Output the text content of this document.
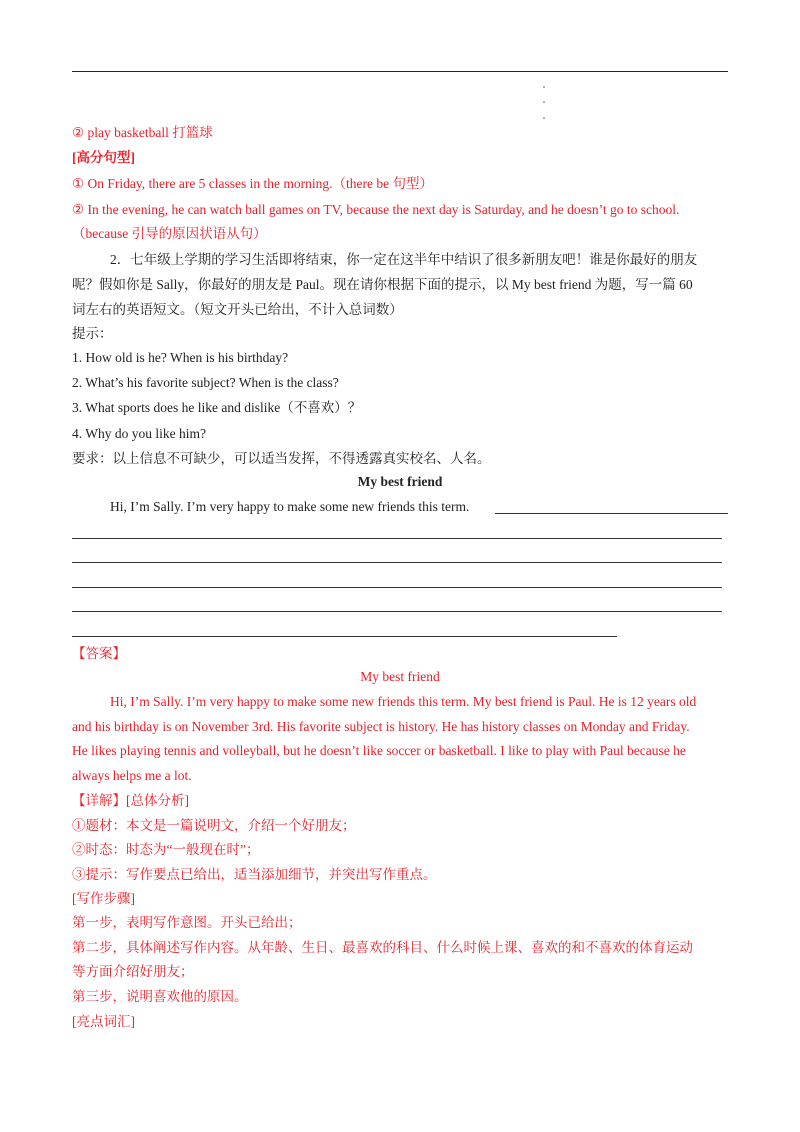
② play basketball 打篮球
[高分句型]
① On Friday, there are 5 classes in the morning.（there be 句型）
② In the evening, he can watch ball games on TV, because the next day is Saturday, and he doesn’t go to school.
（because 引导的原因状语从句）
2．七年级上学期的学习生活即将结束，你一定在这半年中结识了很多新朋友吧！谁是你最好的朋友
呢？假如你是 Sally，你最好的朋友是 Paul。现在请你根据下面的提示，以 My best friend 为题，写一篇 60
词左右的英语短文。（短文开头已给出，不计入总词数）
提示：
1. How old is he? When is his birthday?
2. What’s his favorite subject? When is the class?
3. What sports does he like and dislike（不喜欢）？
4. Why do you like him?
要求：以上信息不可缺少，可以适当发挥，不得透露真实校名、人名。
My best friend
Hi, I’m Sally. I’m very happy to make some new friends this term.
【答案】
My best friend
Hi, I’m Sally. I’m very happy to make some new friends this term. My best friend is Paul. He is 12 years old
and his birthday is on November 3rd. His favorite subject is history. He has history classes on Monday and Friday.
He likes playing tennis and volleyball, but he doesn’t like soccer or basketball. I like to play with Paul because he
always helps me a lot.
【详解】[总体分析]
①题材：本文是一篇说明文，介绍一个好朋友；
②时态：时态为“一般现在时”；
③提示：写作要点已给出，适当添加细节，并突出写作重点。
[写作步骤]
第一步，表明写作意图。开头已给出；
第二步，具体阐述写作内容。从年龄、生日、最喜欢的科目、什么时候上课、喜欢的和不喜欢的体育运动
等方面介绍好朋友；
第三步，说明喜欢他的原因。
[亮点词汇]
